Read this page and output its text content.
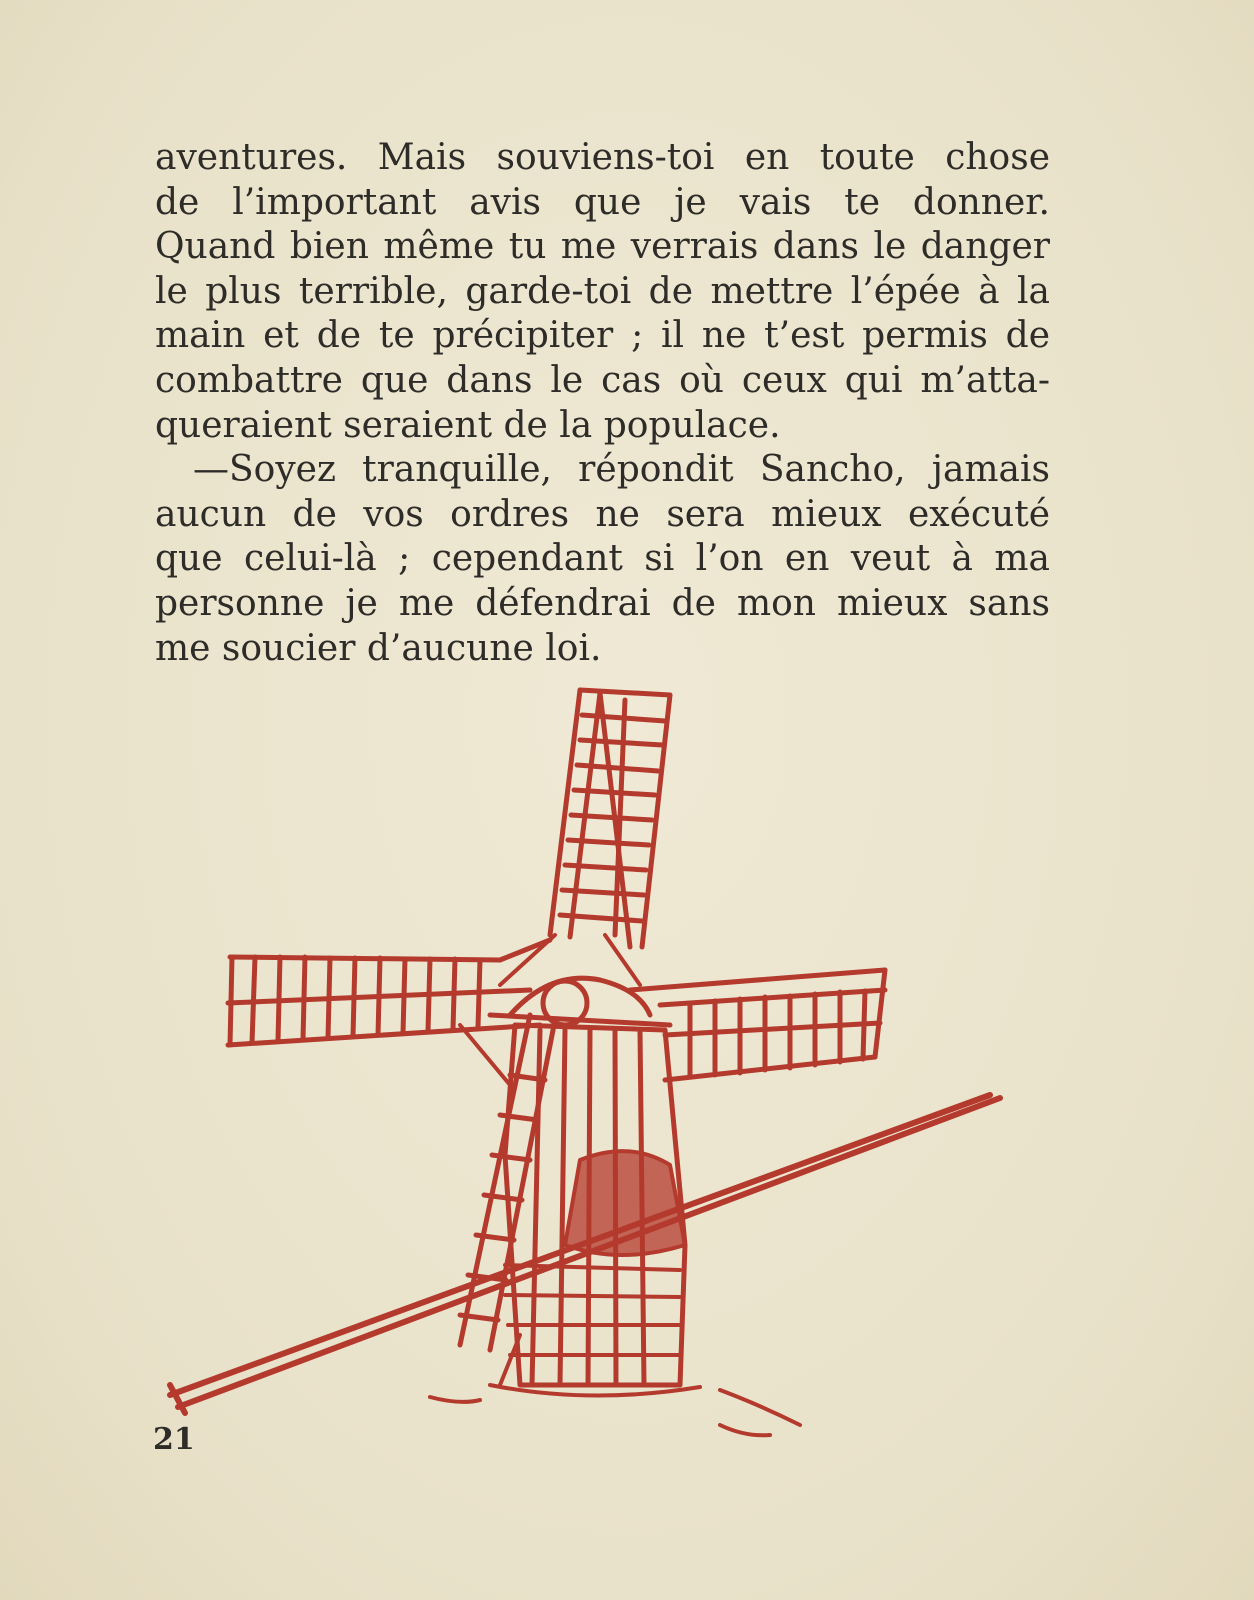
aventures. Mais souviens-toi en toute chose
de l’important avis que je vais te donner.
Quand bien même tu me verrais dans le danger
le plus terrible, garde-toi de mettre l’épée à la
main et de te précipiter ; il ne t’est permis de
combattre que dans le cas où ceux qui m’atta-
queraient seraient de la populace.
—Soyez tranquille, répondit Sancho, jamais
aucun de vos ordres ne sera mieux exécuté
que celui-là ; cependant si l’on en veut à ma
personne je me défendrai de mon mieux sans
me soucier d’aucune loi.
21
